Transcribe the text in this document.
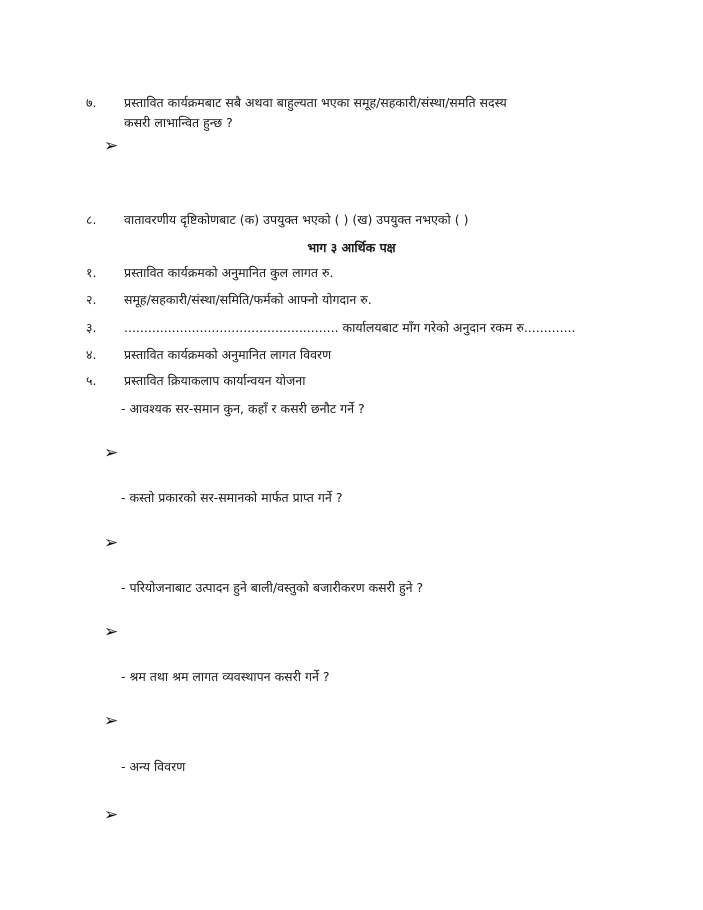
७. प्रस्तावित कार्यक्रमबाट सबै अथवा बाहुल्यता भएका समूह/सहकारी/संस्था/समति सदस्य
कसरी लाभान्वित हुन्छ ?
➢
८. वातावरणीय दृष्टिकोणबाट (क) उपयुक्त भएको ( ) (ख) उपयुक्त नभएको ( )
भाग ३ आर्थिक पक्ष
१. प्रस्तावित कार्यक्रमको अनुमानित कुल लागत रु.
२. समूह/सहकारी/संस्था/समिति/फर्मको आफ्नो योगदान रु.
३. ...................................................... कार्यालयबाट माँग गरेको अनुदान रकम रु.............
४. प्रस्तावित कार्यक्रमको अनुमानित लागत विवरण
५. प्रस्तावित क्रियाकलाप कार्यान्वयन योजना
- आवश्यक सर-समान कुन, कहाँ र कसरी छनौट गर्ने ?
➢
- कस्तो प्रकारको सर-समानको मार्फत प्राप्त गर्ने ?
➢
- परियोजनाबाट उत्पादन हुने बाली/वस्तुको बजारीकरण कसरी हुने ?
➢
- श्रम तथा श्रम लागत व्यवस्थापन कसरी गर्ने ?
➢
- अन्य विवरण
➢
